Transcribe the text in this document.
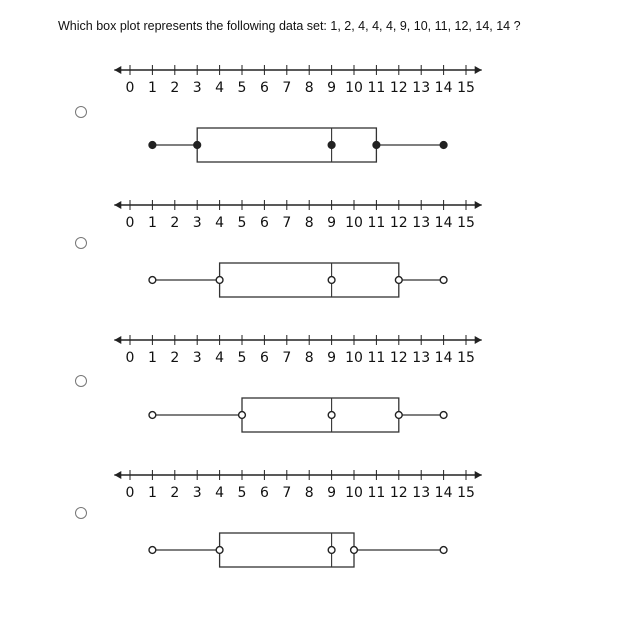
Which box plot represents the following data set: 1, 2, 4, 4, 4, 9, 10, 11, 12, 14, 14 ?
0 1 2 3 4 5 6 7 8 9 10 11 12 13 14 15
0 1 2 3 4 5 6 7 8 9 10 11 12 13 14 15
0 1 2 3 4 5 6 7 8 9 10 11 12 13 14 15
0 1 2 3 4 5 6 7 8 9 10 11 12 13 14 15
